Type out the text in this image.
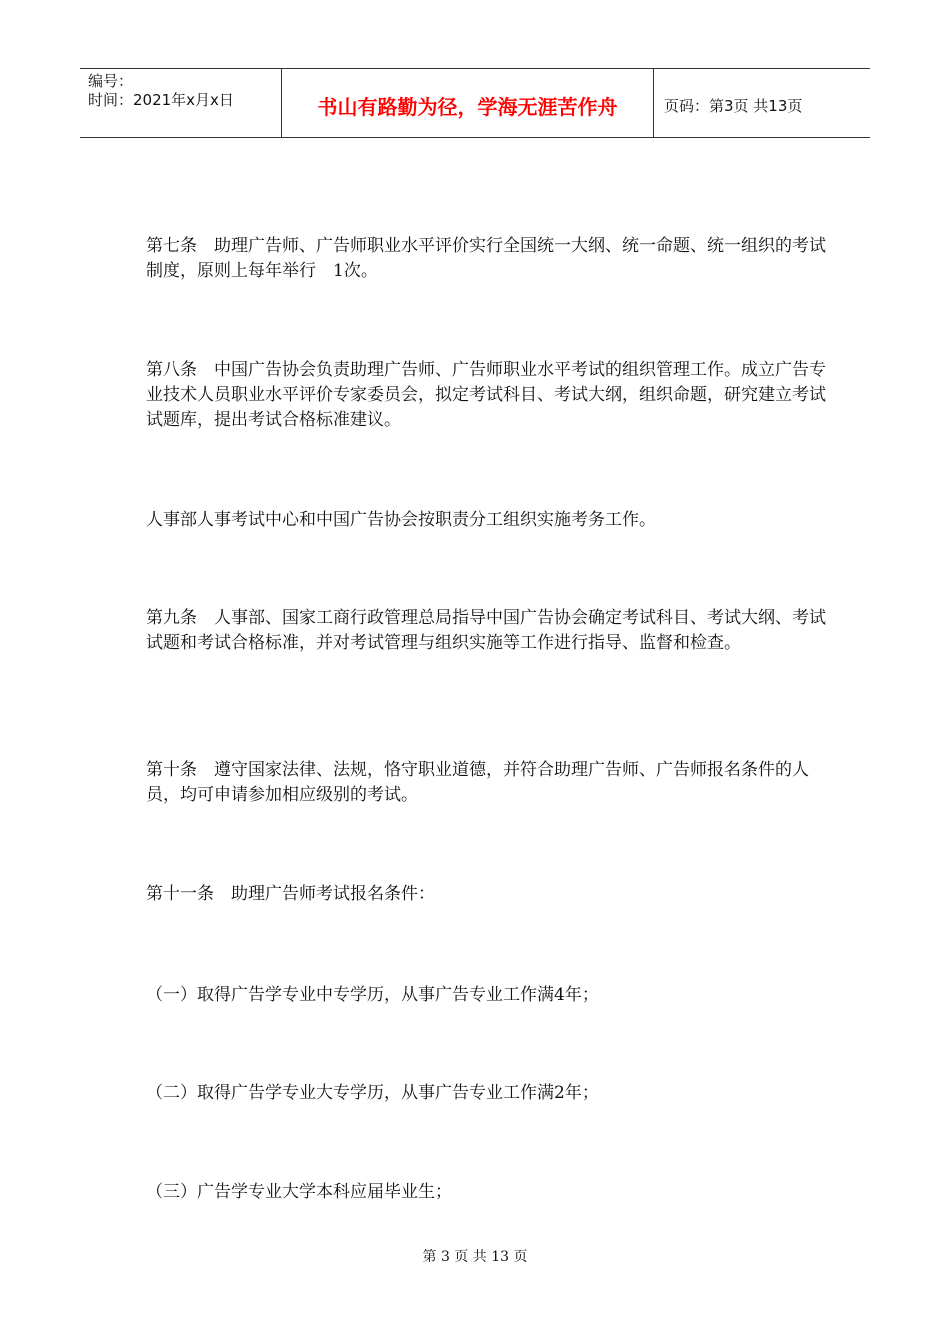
编号：
时间：2021年x月x日	书山有路勤为径，学海无涯苦作舟	页码：第3页 共13页

第七条　助理广告师、广告师职业水平评价实行全国统一大纲、统一命题、统一组织的考试制度，原则上每年举行　1次。

第八条　中国广告协会负责助理广告师、广告师职业水平考试的组织管理工作。成立广告专业技术人员职业水平评价专家委员会，拟定考试科目、考试大纲，组织命题，研究建立考试试题库，提出考试合格标准建议。

人事部人事考试中心和中国广告协会按职责分工组织实施考务工作。

第九条　人事部、国家工商行政管理总局指导中国广告协会确定考试科目、考试大纲、考试试题和考试合格标准，并对考试管理与组织实施等工作进行指导、监督和检查。

第十条　遵守国家法律、法规，恪守职业道德，并符合助理广告师、广告师报名条件的人员，均可申请参加相应级别的考试。

第十一条　助理广告师考试报名条件：

（一）取得广告学专业中专学历，从事广告专业工作满4年；

（二）取得广告学专业大专学历，从事广告专业工作满2年；

（三）广告学专业大学本科应届毕业生；

第 3 页 共 13 页
